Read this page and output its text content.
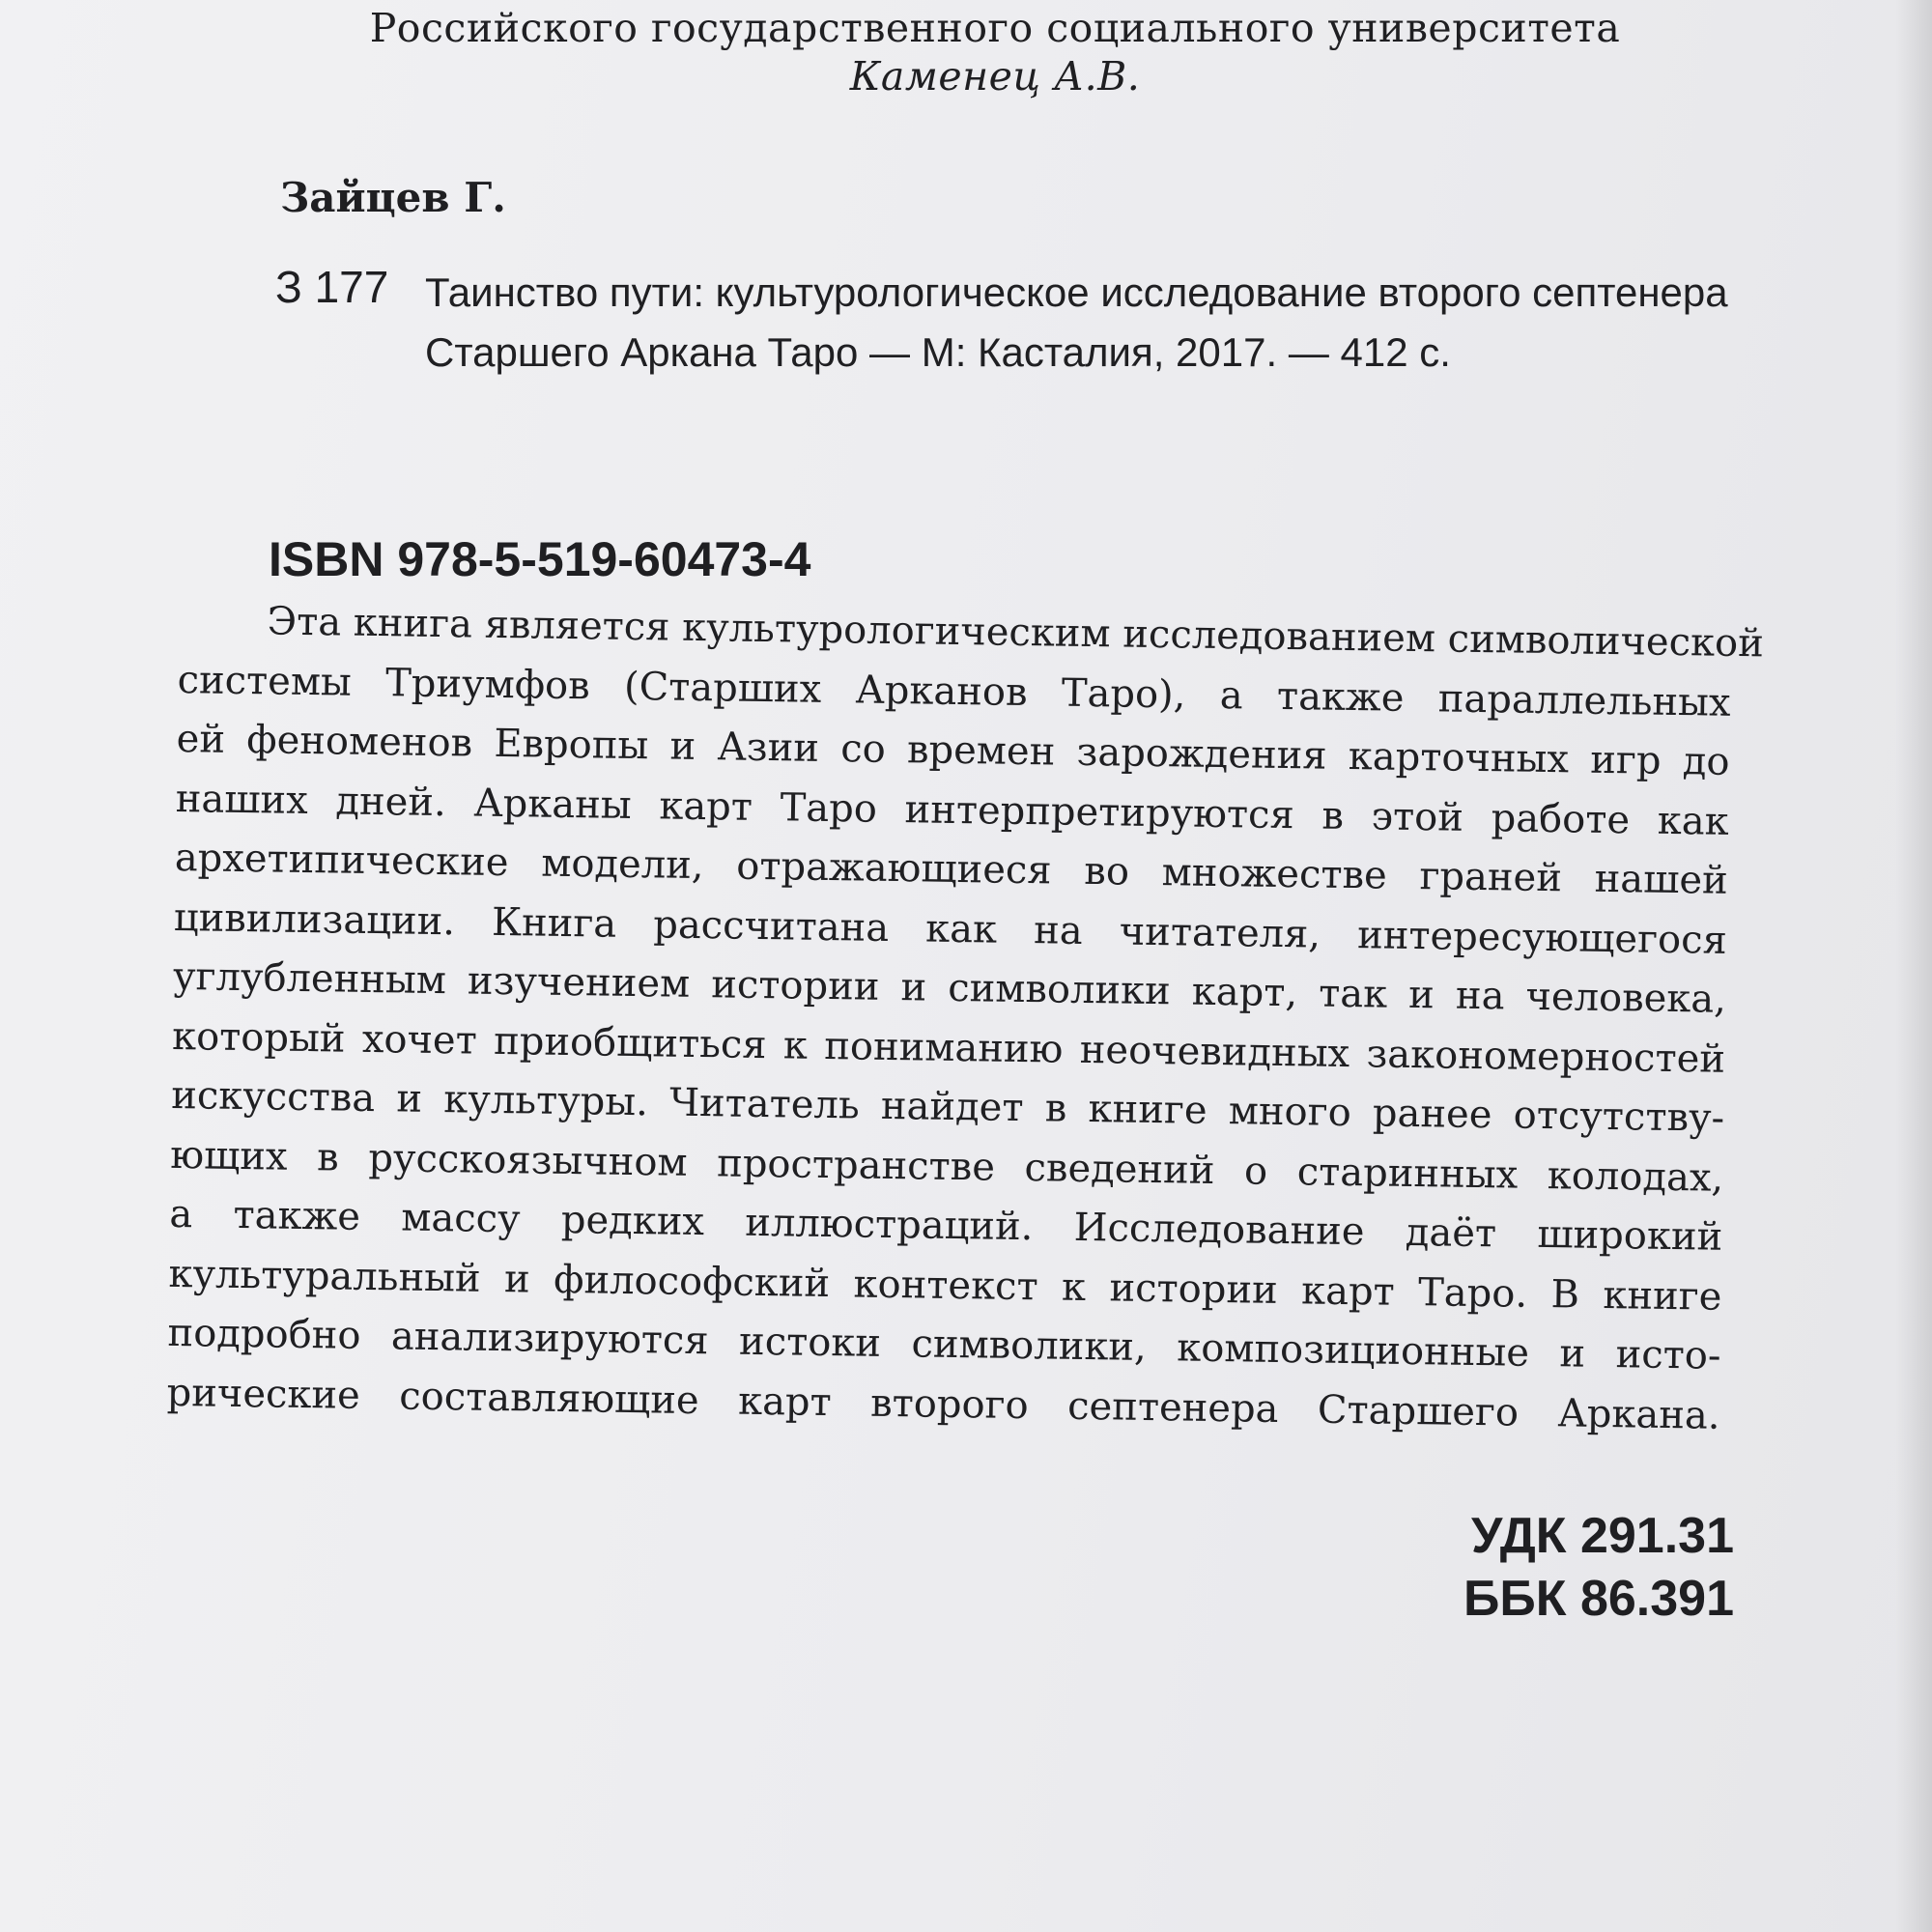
Российского государственного социального университета
Каменец А.В.
Зайцев Г.
З 177 Таинство пути: культурологическое исследование второго септенера
Старшего Аркана Таро — М: Касталия, 2017. — 412 с.
ISBN 978-5-519-60473-4
Эта книга является культурологическим исследованием символической
системы Триумфов (Старших Арканов Таро), а также параллельных
ей феноменов Европы и Азии со времен зарождения карточных игр до
наших дней. Арканы карт Таро интерпретируются в этой работе как
архетипические модели, отражающиеся во множестве граней нашей
цивилизации. Книга рассчитана как на читателя, интересующегося
углубленным изучением истории и символики карт, так и на человека,
который хочет приобщиться к пониманию неочевидных закономерностей
искусства и культуры. Читатель найдет в книге много ранее отсутству-
ющих в русскоязычном пространстве сведений о старинных колодах,
а также массу редких иллюстраций. Исследование даёт широкий
культуральный и философский контекст к истории карт Таро. В книге
подробно анализируются истоки символики, композиционные и исто-
рические составляющие карт второго септенера Старшего Аркана.
УДК 291.31
ББК 86.391
